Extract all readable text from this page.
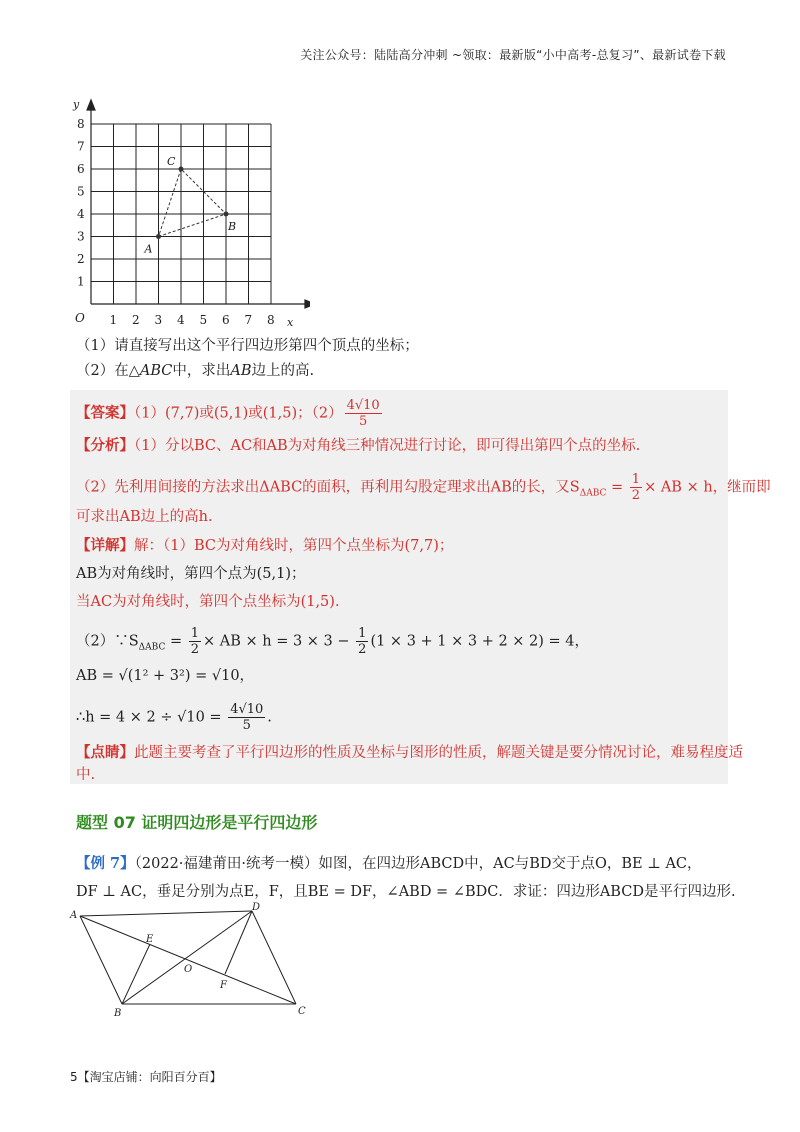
关注公众号：陆陆高分冲刺 ~领取：最新版“小中高考-总复习”、最新试卷下载
1 2 3 4 5 6 7 8
8
7
6
5
4
3
2
1
O	x
y
A
B
C
（1）请直接写出这个平行四边形第四个顶点的坐标；
（2）在△ABC中，求出AB边上的高.
【答案】（1）(7,7)或(5,1)或(1,5)；$(2) \frac{4√10}{5}$
【分析】（1）分以BC、AC和AB为对角线三种情况进行讨论，即可得出第四个点的坐标.
（2）先利用间接的方法求出ΔABC的面积，再利用勾股定理求出AB的长，又$S_{\Delta ABC} = \frac{1}{2}$ × AB × h，继而即
可求出AB边上的高h.
【详解】解：（1）BC为对角线时，第四个点坐标为(7,7)；
AB为对角线时，第四个点为(5,1)；
当AC为对角线时，第四个点坐标为(1,5).
$(2)\because S_{\Delta ABC} = \frac{1}{2}$ × AB × $h = 3 \times 3 - \frac{1}{2} (1 \times 3 + 1 \times 3 + 2 \times 2) = 4$，
AB = √(1² + 3²) = √10，
∴h = $4 \times 2 \div √10 = \frac{4√10}{5}$ .
【点睛】此题主要考查了平行四边形的性质及坐标与图形的性质，解题关键是要分情况讨论，难易程度适
中.
题型 07 证明四边形是平行四边形
【例 7】（2022·福建莆田·统考一模）如图，在四边形ABCD中，AC与BD交于点O，BE ⊥ AC，
DF ⊥ AC，垂足分别为点E，F，且BE = DF，∠ABD = ∠BDC．求证：四边形ABCD是平行四边形.
A
B	C
D
E
F
O
5【淘宝店铺：向阳百分百】
